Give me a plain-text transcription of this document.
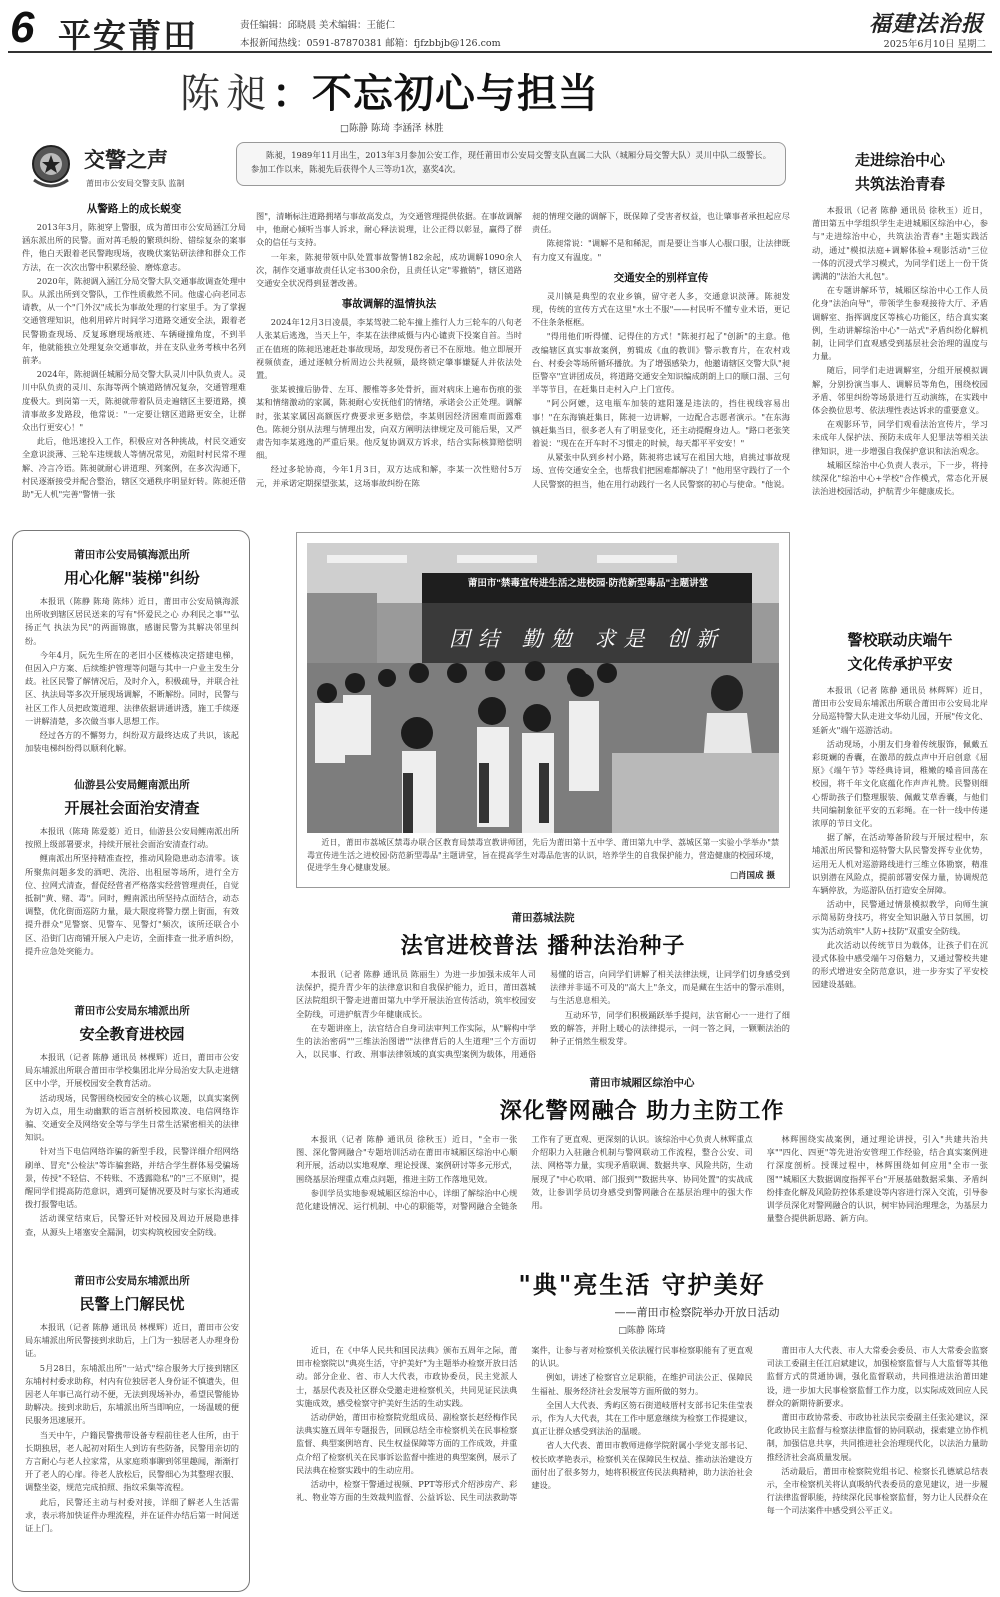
6 平安莆田	责任编辑：邱晓晨 美术编辑：王能仁
本报新闻热线：0591-87870381 邮箱：fjfzbbjb@126.com
福建法治报
2025年6月10日 星期二
陈昶：不忘初心与担当
□陈静 陈琦 李涵泽 林胜
交警之声
莆田市公安局交警支队 监制

陈昶，1989年11月出生，2013年3月参加公安工作，现任莆田市公安局交警支队直属二大队（城厢分局交警大队）灵川中队二级警长。参加工作以来，陈昶先后获得个人三等功1次，嘉奖4次。

从警路上的成长蜕变

2013年3月，陈昶穿上警服，成为莆田市公安局涵江分局涵东派出所的民警。面对苒毛般的繁琐纠纷、错综复杂的案事件，他白天跟着老民警跑现场，夜晚伏案钻研法律和群众工作方法，在一次次出警中积累经验、磨炼意志。

2020年，陈昶调入涵江分局交警大队交通事故调查处理中队。从派出所到交警队，工作性质截然不同。他虚心向老同志请教，从一个"门外汉"成长为事故处理的行家里手。为了掌握交通管理知识，他利用碎片时间学习道路交通安全法，跟着老民警勘查现场、反复琢磨现场痕迹、车辆碰撞角度，不到半年，他就能独立处理复杂交通事故，并在支队业务考核中名列前茅。

2024年，陈昶调任城厢分局交警大队灵川中队负责人。灵川中队负责的灵川、东海等两个镇道路情况复杂，交通管理难度极大。到岗第一天，陈昶就带着队员走遍辖区主要道路，摸清事故多发路段，他常说："一定要让辖区道路更安全，让群众出行更安心！"

此后，他迅速投入工作，积极应对各种挑战，村民交通安全意识淡薄、三轮车违规载人等情况常见，劝阻时村民常不理解、冷言冷语。陈昶就耐心讲道理、列案例，在多次沟通下，村民逐渐接受并配合整治，辖区交通秩序明显好转。陈昶还借助"无人机"完善"警情一张

图"，清晰标注道路拥堵与事故高发点，为交通管理提供依据。在事故调解中，他耐心倾听当事人诉求，耐心释法说理，让公正得以彰显，赢得了群众的信任与支持。

一年来，陈昶带领中队处置事故警情182余起，成功调解1090余人次，制作交通事故责任认定书300余份，且责任认定"零撤销"，辖区道路交通安全状况得到显著改善。

事故调解的温情执法

2024年12月3日凌晨，李某驾驶二轮车撞上推行人力三轮车的八旬老人张某后逃逸，当天上午，李某在法律威慑与内心谴责下投案自首。当时正在值班的陈昶迅速赶赴事故现场，却发现伤者已不在原地。他立即展开视频侦查，通过逐帧分析周边公共视频，最终锁定肇事嫌疑人并依法处置。

张某被撞后胁骨、左耳、腰椎等多处骨折，面对病床上遍布伤痕的张某和情绪激动的家属，陈昶耐心安抚他们的情绪，承诺会公正处理。调解时，张某家属因高额医疗费要求更多赔偿，李某则因经济困难而面露难色。陈昶分别从法理与情理出发，向双方阐明法律规定及可能后果，又严肃告知李某逃逸的严重后果。他反复协调双方诉求，结合实际核算赔偿明细。

经过多轮协商，今年1月3日，双方达成和解，李某一次性赔付5万元，并承诺定期探望张某，这场事故纠纷在陈

昶的情理交融的调解下，既保障了受害者权益，也让肇事者承担起应尽责任。

陈昶常说："调解不是和稀泥，而是要让当事人心服口服，让法律既有力度又有温度。"

交通安全的别样宣传

灵川镇是典型的农业乡镇，留守老人多，交通意识淡薄。陈昶发现，传统的宣传方式在这里"水土不服"——村民听不懂专业术语，更记不住条条框框。

"得用他们听得懂、记得住的方式！"陈昶打起了"创新"的主意。他改编辖区真实事故案例，剪辑成《血的教训》警示教育片，在农村戏台、村委会等场所循环播放。为了增强感染力，他邀请辖区交警大队"昶臣警卒"宣讲团成员，将道路交通安全知识编成朗朗上口的顺口溜、三句半等节目，在赶集日走村入户上门宣传。

"阿公阿嬷，这电瓶车加装的遮阳篷是违法的，挡住视线容易出事！"在东海镇赶集日，陈昶一边讲解，一边配合志愿者演示。"在东海镇赶集当日，很多老人有了明显变化，还主动提醒身边人。"路口老张笑着说："现在在开车时不习惯走的时候，每天都平平安安！"

从紧张中队到乡村小路，陈昶将忠诚写在祖国大地，肩挑过事故现场、宣传交通安全全，也帮我们把困难都解决了！"他用坚守践行了一个人民警察的担当，他在用行动践行一名人民警察的初心与使命。"他说。

走进综治中心
共筑法治青春

本报讯（记者 陈静 通讯员 徐秋玉）近日，莆田第五中学组织学生走进城厢区综治中心，参与"走进综治中心，共筑法治青春"主题实践活动，通过"模拟法庭+调解体验+观影活动"三位一体的沉浸式学习模式，为同学们送上一份干货满满的"法治大礼包"。

在专题讲解环节，城厢区综治中心工作人员化身"法治向导"，带领学生参观接待大厅、矛盾调解室、指挥调度区等核心功能区，结合真实案例，生动讲解综治中心"一站式"矛盾纠纷化解机制，让同学们直观感受到基层社会治理的温度与力量。

随后，同学们走进调解室，分组开展模拟调解，分别扮演当事人、调解员等角色，围绕校园矛盾、邻里纠纷等场景进行互动演练，在实践中体会换位思考、依法理性表达诉求的重要意义。

在观影环节，同学们观看法治宣传片，学习未成年人保护法、预防未成年人犯罪法等相关法律知识，进一步增强自我保护意识和法治观念。

城厢区综治中心负责人表示，下一步，将持续深化"综治中心+学校"合作模式，常态化开展法治进校园活动，护航青少年健康成长。

莆田市公安局镇海派出所
用心化解"装梯"纠纷

本报讯（陈静 陈琦 陈炜）近日，莆田市公安局镇海派出所收到辖区居民送来的写有"怀爱民之心 办利民之事""弘扬正气 执法为民"的两面锦旗，感谢民警为其解决邻里纠纷。

今年4月，阮先生所在的老旧小区楼栋决定搭建电梯，但因入户方案、后续维护管理等问题与其中一户业主发生分歧。社区民警了解情况后，及时介入，积极疏导，并联合社区、执法局等多次开展现场调解，不断解纷。同时，民警与社区工作人员把政策道理、法律依据讲通讲透，施工手续逐一讲解清楚，多次做当事人思想工作。

经过各方的不懈努力，纠纷双方最终达成了共识，该起加装电梯纠纷得以顺利化解。

仙游县公安局鲤南派出所
开展社会面治安清查

本报讯（陈琦 陈爱菱）近日，仙游县公安局鲤南派出所按照上级部署要求，持续开展社会面治安清查行动。

鲤南派出所坚持精准查控，推动风险隐患动态清零。该所聚焦问题多发的酒吧、洗浴、出租屋等场所，进行全方位、拉网式清查，督促经营者严格落实经营管理责任，自觉抵制"黄、赌、毒"。同时，鲤南派出所坚持点面结合，动态调整，优化街面巡防力量，最大限度将警力摆上街面，有效提升群众"见警察、见警车、见警灯"频次，该所还联合小区、沿街门店商铺开展入户走访，全面排查一批矛盾纠纷，提升应急处突能力。

莆田市公安局东埔派出所
安全教育进校园

本报讯（记者 陈静 通讯员 林棵辉）近日，莆田市公安局东埔派出所联合莆田市学校集团北岸分局治安大队走进辖区中小学，开展校园安全教育活动。

活动现场，民警围绕校园安全的核心议题，以真实案例为切入点，用生动幽默的语言剖析校园欺凌、电信网络诈骗、交通安全及网络安全等与学生日常生活紧密相关的法律知识。

针对当下电信网络诈骗的新型手段，民警详细介绍网络刷单、冒充"公检法"等诈骗套路，并结合学生群体易受骗场景，传授"不轻信、不转账、不透露隐私"的"三不原则"，提醒同学们提高防范意识，遇到可疑情况要及时与家长沟通或拨打报警电话。

活动课堂结束后，民警还针对校园及周边开展隐患排查，从源头上堵塞安全漏洞，切实构筑校园安全防线。

莆田市公安局东埔派出所
民警上门解民忧

本报讯（记者 陈静 通讯员 林棵辉）近日，莆田市公安局东埔派出所民警接到求助后，上门为一独居老人办理身份证。

5月28日，东埔派出所"一站式"综合服务大厅接到辖区东埔村村委求助称，村内有位独居老人身份证不慎遗失，但因老人年事已高行动不便，无法到现场补办，希望民警能协助解决。接到求助后，东埔派出所当即响应，一场温暖的便民服务迅速展开。

当天中午，户籍民警携带设备专程前往老人住所，由于长期独居，老人起初对陌生人到访有些防备，民警用亲切的方言耐心与老人拉家常，从家庭琐事聊到邻里趣闻，渐渐打开了老人的心扉。待老人放松后，民警细心为其整理衣服、调整坐姿，规范完成拍照、指纹采集等流程。

此后，民警还主动与村委对接，详细了解老人生活需求，表示将加快证件办理流程，并在证件办结后第一时间送证上门。

莆田市"禁毒宣传进生活之进校园·防范新型毒品"主题讲堂
团结 勤勉 求是 创新

近日，莆田市荔城区禁毒办联合区教育局禁毒宣教讲师团，先后为莆田第十五中学、莆田第九中学、荔城区第一实验小学举办"禁毒宣传进生活之进校园·防范新型毒品"主题讲堂，旨在提高学生对毒品危害的认识，培养学生的自我保护能力，营造健康的校园环境，促进学生身心健康发展。

□肖国成 摄
警校联动庆端午
文化传承护平安

本报讯（记者 陈静 通讯员 林辉辉）近日，莆田市公安局东埔派出所联合莆田市公安局北岸分局巡特警大队走进文华幼儿园，开展"传文化、延新火"端午巡游活动。

活动现场，小朋友们身着传统服饰，佩戴五彩斑斓的香囊，在激昂的鼓点声中开启创意《屈原》《端午节》等经典诗词，稚嫩的嗓音回荡在校园，将千年文化底蕴化作声声礼赞。民警则细心帮助孩子们整理服装、佩戴艾草香囊，与他们共同编制象征平安的五彩绳。在一针一线中传递浓厚的节日文化。

据了解，在活动筹备阶段与开展过程中，东埔派出所民警和巡特警大队民警发挥专业优势，运用无人机对巡游路线进行三维立体勘察，精准识别潜在风险点，提前部署安保力量，协调规范车辆停放，为巡游队伍打造安全屏障。

活动中，民警通过情景模拟教学，向师生演示简易防身技巧，将安全知识融入节日氛围，切实为活动筑牢"人防+技防"双重安全防线。

此次活动以传统节日为载体，让孩子们在沉浸式体验中感受端午习俗魅力，又通过警校共建的形式增进安全防范意识，进一步夯实了平安校园建设基础。

莆田荔城法院
法官进校普法 播种法治种子

本报讯（记者 陈静 通讯员 陈丽生）为进一步加强未成年人司法保护，提升青少年的法律意识和自我保护能力，近日，莆田荔城区法院组织干警走进莆田第九中学开展法治宣传活动，筑牢校园安全防线，可进护航青少年健康成长。

在专题讲座上，法官结合自身司法审判工作实际，从"解构中学生的法治密码""三维法治图谱""法律背后的人生道理"三个方面切入，以民事、行政、刑事法律领域的真实典型案例为载体，用通俗易懂的语言，向同学们讲解了相关法律法规，让同学们切身感受到法律并非遥不可及的"高大上"条文，而是藏在生活中的警示准则，与生活息息相关。

互动环节，同学们积极踊跃举手提问，法官耐心一一进行了细致的解答，并附上暖心的法律提示，一问一答之间，一颗颗法治的种子正悄然生根发芽。

莆田市城厢区综治中心
深化警网融合 助力主防工作

本报讯（记者 陈静 通讯员 徐秋玉）近日，"全市一张图、深化警网融合"专题培训活动在莆田市城厢区综治中心顺利开展，活动以实地观摩、理论授课、案例研讨等多元形式，围绕基层治理重点难点问题，推进主防工作落地见效。

参训学员实地参观城厢区综治中心，详细了解综治中心规范化建设情况、运行机制、中心的职能等，对警网融合全链条工作有了更直观、更深刻的认识。该综治中心负责人林辉重点介绍职力入驻融合机制与警网联动工作流程，整合公安、司法、网格等力量，实现矛盾联调、数据共享、风险共防，生动展现了"中心吹哨、部门报到""数据共享、协同处置"的实战成效，让参训学员切身感受到警网融合在基层治理中的强大作用。

林辉围绕实战案例，通过理论讲授，引入"共建共治共享""四化、四更"等先进治安管理工作经验，结合真实案例进行深度剖析。授课过程中，林辉围绕如何应用"全市一张图""城厢区大数据调度指挥平台"开展基础数据采集、矛盾纠纷排查化解及风险防控体系建设等内容进行深入交流，引导参训学员深化对警网融合的认识，树牢协同治理理念，为基层力量整合提供新思路、新方向。

"典"亮生活 守护美好
——莆田市检察院举办开放日活动
□陈静 陈琦

近日，在《中华人民共和国民法典》颁布五周年之际，莆田市检察院以"典亮生活，守护美好"为主题举办检察开放日活动。部分企业、省、市人大代表，市政协委员，民主党派人士，基层代表及社区群众受邀走进检察机关，共同见证民法典实施成效，感受检察守护美好生活的生动实践。

活动伊始，莆田市检察院党组成员、副检察长赵经梅作民法典实施五周年专题报告，回顾总结全市检察机关在民事检察监督、典型案例培育、民生权益保障等方面的工作成效，并重点介绍了检察机关在民事诉讼监督中推进的典型案例，展示了民法典在检察实践中的生动应用。

活动中，检察干警通过视频、PPT等形式介绍涉房产、彩礼、物业等方面的生效裁判监督、公益诉讼、民生司法救助等案件，让参与者对检察机关依法履行民事检察职能有了更直观的认识。

例如，讲述了检察官立足职能，在维护司法公正、保障民生福祉、服务经济社会发展等方面所做的努力。

全国人大代表、秀屿区笏石街道岐厝村支部书记朱佳莹表示，作为人大代表，其在工作中愿意继续为检察工作提建议，真正让群众感受到法治的温暖。

省人大代表、莆田市教师进修学院附属小学党支部书记、校长欧孝艳表示，检察机关在保障民生权益、推动法治建设方面付出了很多努力，她将积极宣传民法典精神，助力法治社会建设。

莆田市人大代表、市人大常委会委员、市人大常委会监察司法工委副主任江启斌建议，加强检察监督与人大监督等其他监督方式的贯通协调，强化监督联动，共同推进法治莆田建设，进一步加大民事检察监督工作力度，以实际成效回应人民群众的新期待新要求。

莆田市政协常委、市政协社法民宗委副主任张沁建议，深化政协民主监督与检察法律监督的协同联动，探索建立协作机制，加强信息共享，共同推进社会治理现代化，以法治力量助推经济社会高质量发展。

活动最后，莆田市检察院党组书记、检察长孔德斌总结表示，全市检察机关将认真吸纳代表委员的意见建议，进一步履行法律监督职能，持续深化民事检察监督，努力让人民群众在每一个司法案件中感受到公平正义。
